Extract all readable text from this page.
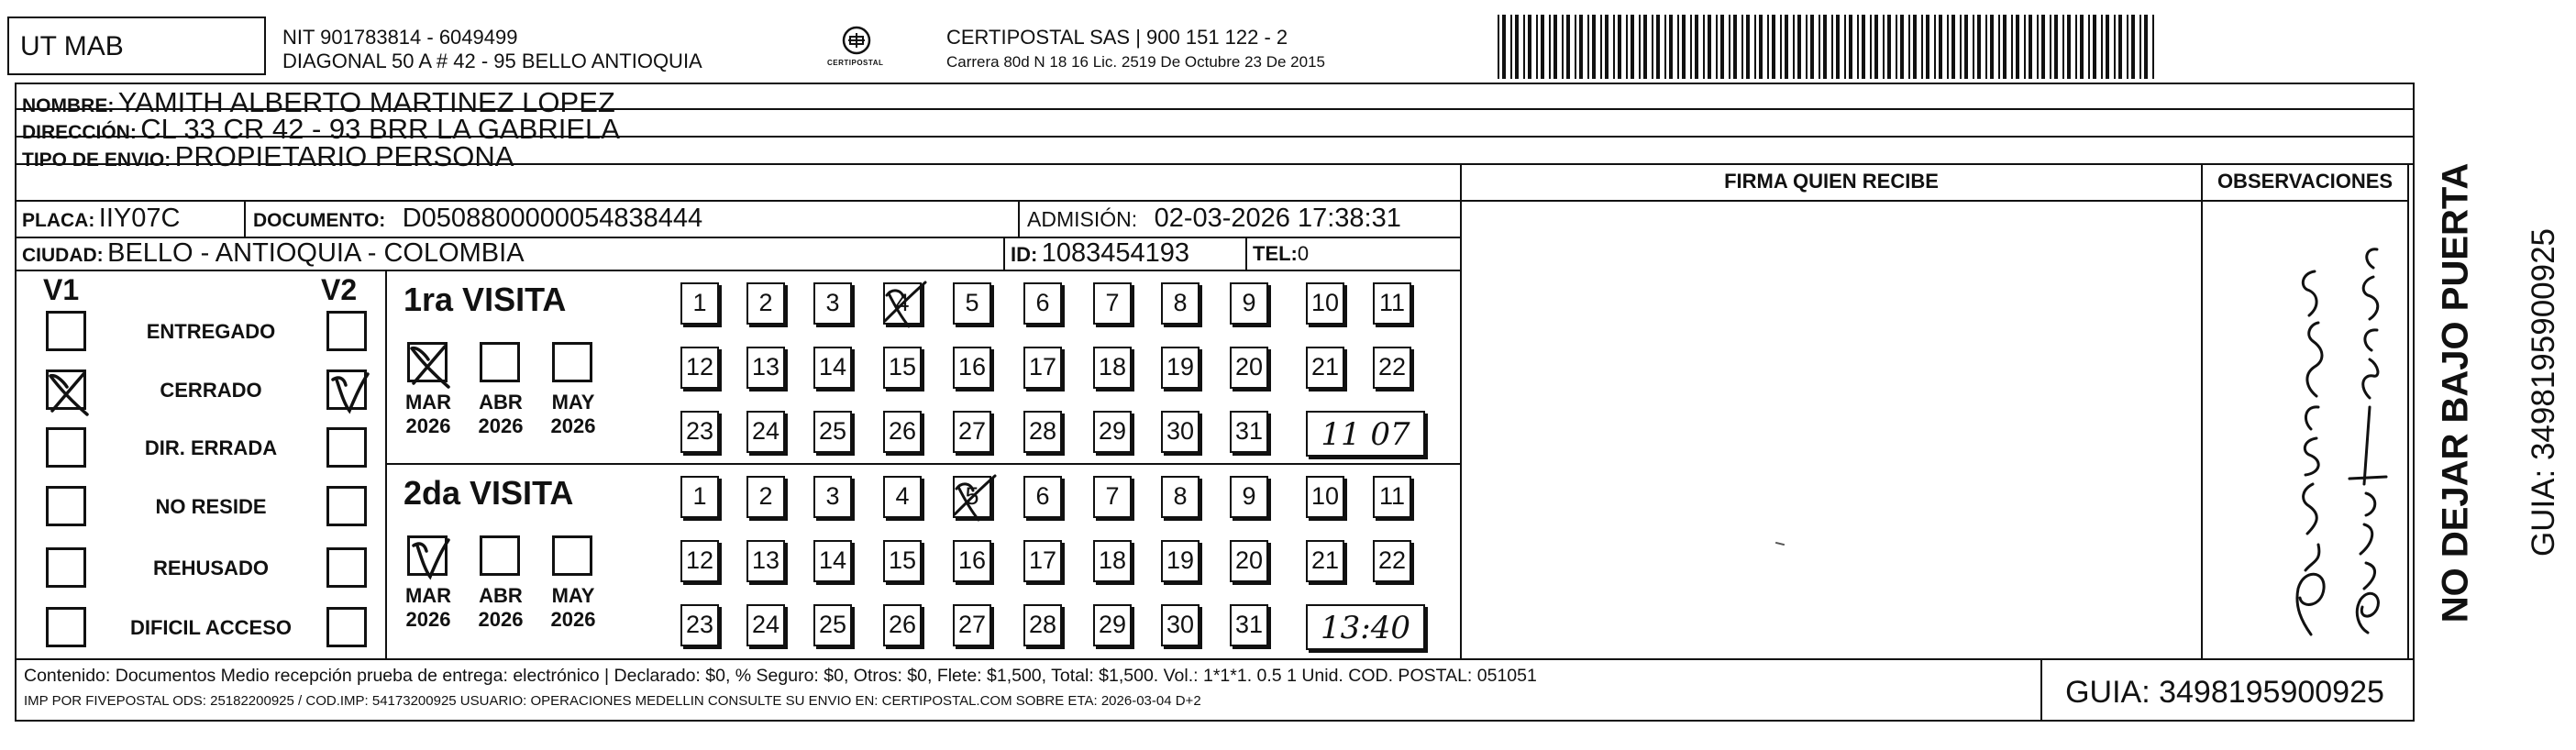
UT MAB	NIT 901783814 - 6049499
DIAGONAL 50 A # 42 - 95 BELLO ANTIOQUIA	CERTIPOSTAL
CERTIPOSTAL SAS | 900 151 122 - 2
Carrera 80d N 18 16 Lic. 2519 De Octubre 23 De 2015
NOMBRE: YAMITH ALBERTO MARTINEZ LOPEZ
DIRECCIÓN: CL 33 CR 42 - 93 BRR LA GABRIELA
TIPO DE ENVIO: PROPIETARIO PERSONA
PLACA: IIY07C	DOCUMENTO: D0508800000054838444	ADMISIÓN: 02-03-2026 17:38:31
CIUDAD: BELLO - ANTIOQUIA - COLOMBIA	ID: 1083454193	TEL:0
FIRMA QUIEN RECIBE	OBSERVACIONES	NO DEJAR BAJO PUERTA GUIA: 3498195900925
V1	V2
ENTREGADO
CERRADO
DIR. ERRADA
NO RESIDE
REHUSADO
DIFICIL ACCESO
1ra VISITA
MAR
2026
ABR
2026
MAY
2026
1	2	3	4	5	6	7	8	9	10 11
12 13 14 15 16 17 18 19 20 21 22
23 24 25 26 27 28 29 30 31	11 07
2da VISITA
MAR
2026
ABR
2026
MAY
2026
1	2	3	4	5	6	7	8	9	10 11
12 13 14 15 16 17 18 19 20 21 22
23 24 25 26 27 28 29 30 31	13:40
Contenido: Documentos Medio recepción prueba de entrega: electrónico | Declarado: $0, % Seguro: $0, Otros: $0, Flete: $1,500, Total: $1,500. Vol.: 1*1*1. 0.5 1 Unid. COD. POSTAL: 051051
IMP POR FIVEPOSTAL ODS: 25182200925 / COD.IMP: 54173200925 USUARIO: OPERACIONES MEDELLIN CONSULTE SU ENVIO EN: CERTIPOSTAL.COM SOBRE ETA: 2026-03-04 D+2	GUIA: 3498195900925
